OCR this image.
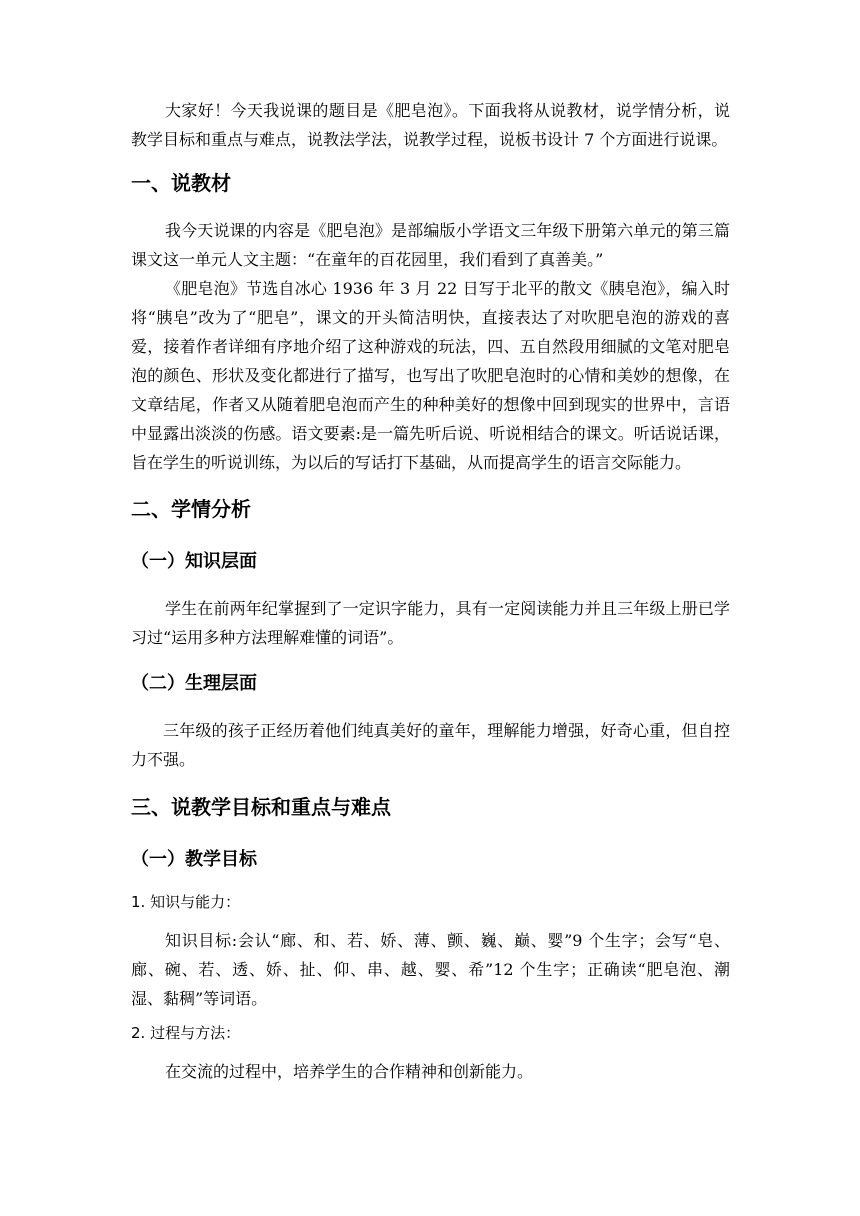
大家好！今天我说课的题目是《肥皂泡》。下面我将从说教材，说学情分析，说教学目标和重点与难点，说教法学法，说教学过程，说板书设计 7 个方面进行说课。

一、说教材

我今天说课的内容是《肥皂泡》是部编版小学语文三年级下册第六单元的第三篇课文这一单元人文主题：“在童年的百花园里，我们看到了真善美。”

《肥皂泡》节选自冰心 1936 年 3 月 22 日写于北平的散文《胰皂泡》，编入时将“胰皂”改为了“肥皂”，课文的开头简洁明快，直接表达了对吹肥皂泡的游戏的喜爱，接着作者详细有序地介绍了这种游戏的玩法，四、五自然段用细腻的文笔对肥皂泡的颜色、形状及变化都进行了描写，也写出了吹肥皂泡时的心情和美妙的想像，在文章结尾，作者又从随着肥皂泡而产生的种种美好的想像中回到现实的世界中，言语中显露出淡淡的伤感。语文要素:是一篇先听后说、听说相结合的课文。听话说话课，旨在学生的听说训练，为以后的写话打下基础，从而提高学生的语言交际能力。

二、学情分析
（一）知识层面

学生在前两年纪掌握到了一定识字能力，具有一定阅读能力并且三年级上册已学习过“运用多种方法理解难懂的词语”。

（二）生理层面

三年级的孩子正经历着他们纯真美好的童年，理解能力增强，好奇心重，但自控力不强。

三、说教学目标和重点与难点
（一）教学目标
1. 知识与能力：

知识目标:会认“廊、和、若、娇、薄、颤、巍、巅、婴”9 个生字；会写“皂、廊、碗、若、透、娇、扯、仰、串、越、婴、希”12 个生字；正确读“肥皂泡、潮湿、黏稠”等词语。

2. 过程与方法：

在交流的过程中，培养学生的合作精神和创新能力。
